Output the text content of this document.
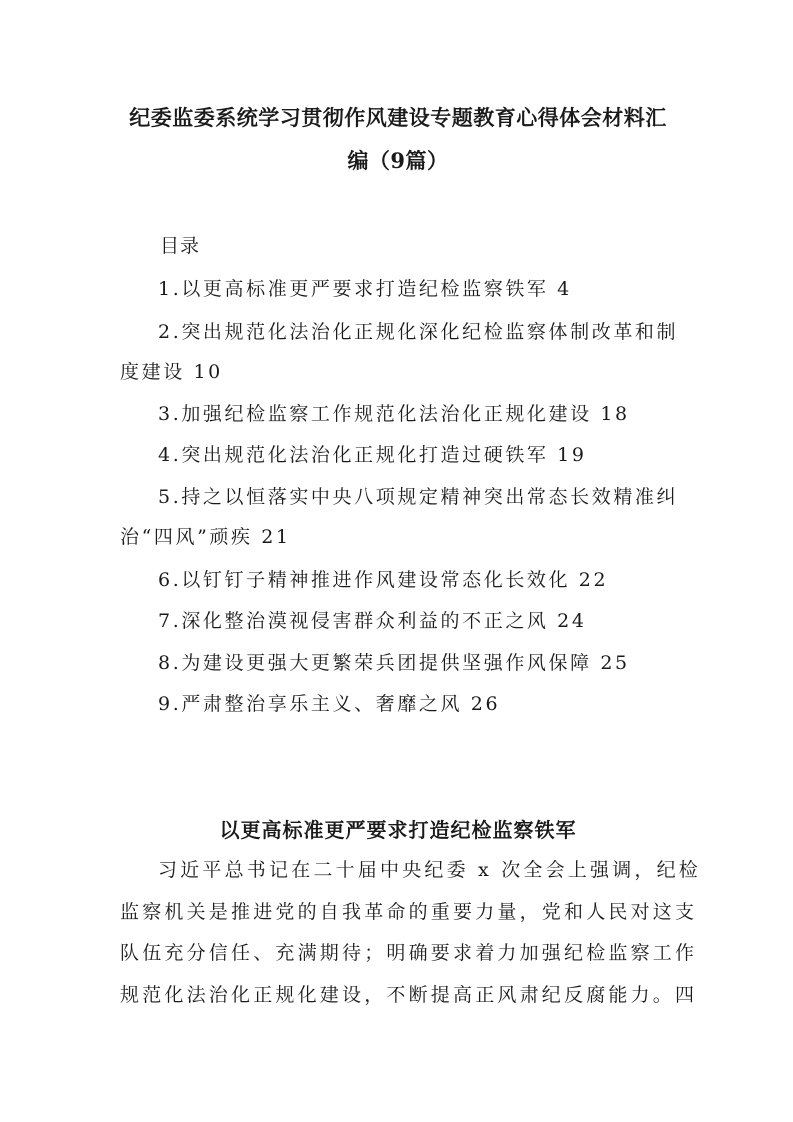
纪委监委系统学习贯彻作风建设专题教育心得体会材料汇
编（9篇）
目录
1.以更高标准更严要求打造纪检监察铁军 4
2.突出规范化法治化正规化深化纪检监察体制改革和制
度建设 10
3.加强纪检监察工作规范化法治化正规化建设 18
4.突出规范化法治化正规化打造过硬铁军 19
5.持之以恒落实中央八项规定精神突出常态长效精准纠
治“四风”顽疾 21
6.以钉钉子精神推进作风建设常态化长效化 22
7.深化整治漠视侵害群众利益的不正之风 24
8.为建设更强大更繁荣兵团提供坚强作风保障 25
9.严肃整治享乐主义、奢靡之风 26
以更高标准更严要求打造纪检监察铁军
习近平总书记在二十届中央纪委 x 次全会上强调，纪检
监察机关是推进党的自我革命的重要力量，党和人民对这支
队伍充分信任、充满期待；明确要求着力加强纪检监察工作
规范化法治化正规化建设，不断提高正风肃纪反腐能力。四
